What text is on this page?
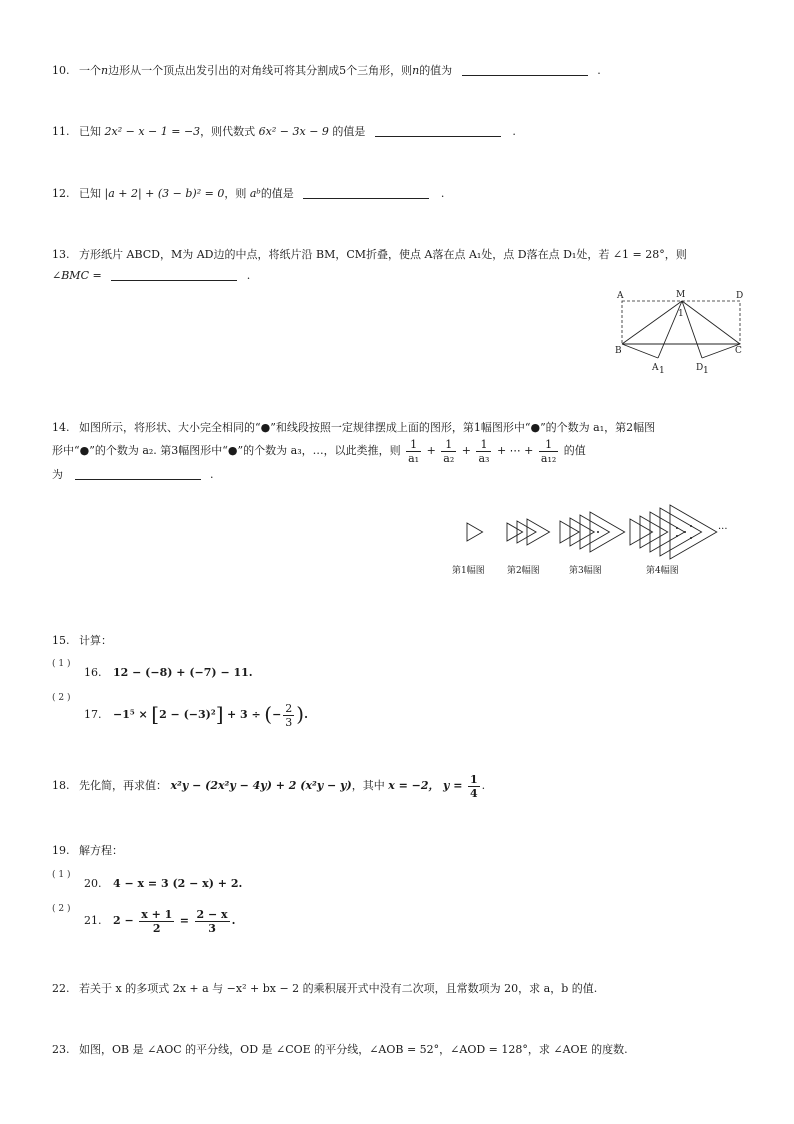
10. 一个n边形从一个顶点出发引出的对角线可将其分割成5个三角形，则n的值为	.
11. 已知 2x² − x − 1 = −3，则代数式 6x² − 3x − 9 的值是	.
12. 已知 |a + 2| + (3 − b)² = 0，则 aᵇ的值是	.
13. 方形纸片 ABCD，M为 AD边的中点，将纸片沿 BM，CM折叠，使点 A落在点 A₁处，点 D落在点 D₁处，若 ∠1 = 28°，则
∠BMC =	.
A	M	D
B	C
1
A 1	D 1
14. 如图所示，将形状、大小完全相同的“●”和线段按照一定规律摆成上面的图形，第1幅图形中“●”的个数为 a₁，第2幅图
形中“●”的个数为 a₂. 第3幅图形中“●”的个数为 a₃，…，以此类推，则 $\frac{1}{\text{a₁}} + \frac{1}{\text{a₂}} + \frac{1}{\text{a₃}}$ + ⋯ + $\frac{1}{\text{a₁₂}}$ 的值
为	.
第1幅图 第2幅图	第3幅图	第4幅图
···
15. 计算：
( 1 )
16. 12 − (−8) + (−7) − 11.
( 2 )
17. −1⁵ × [2 − (−3)²] + 3 ÷ (− $\frac{2}{3}$ ).
18. 先化简，再求值： x²y − (2x²y − 4y) + 2 (x²y − y)，其中 x = −2， $y = \frac{1}{4}$ .
19. 解方程：
( 1 )
20. 4 − x = 3 (2 − x) + 2.
( 2 )
21. $2 - \frac{x + 1}{2} = \frac{2 - x}{3}$ .
22. 若关于 x 的多项式 2x + a 与 −x² + bx − 2 的乘积展开式中没有二次项，且常数项为 20，求 a，b 的值.
23. 如图，OB 是 ∠AOC 的平分线，OD 是 ∠COE 的平分线，∠AOB = 52°，∠AOD = 128°，求 ∠AOE 的度数.
